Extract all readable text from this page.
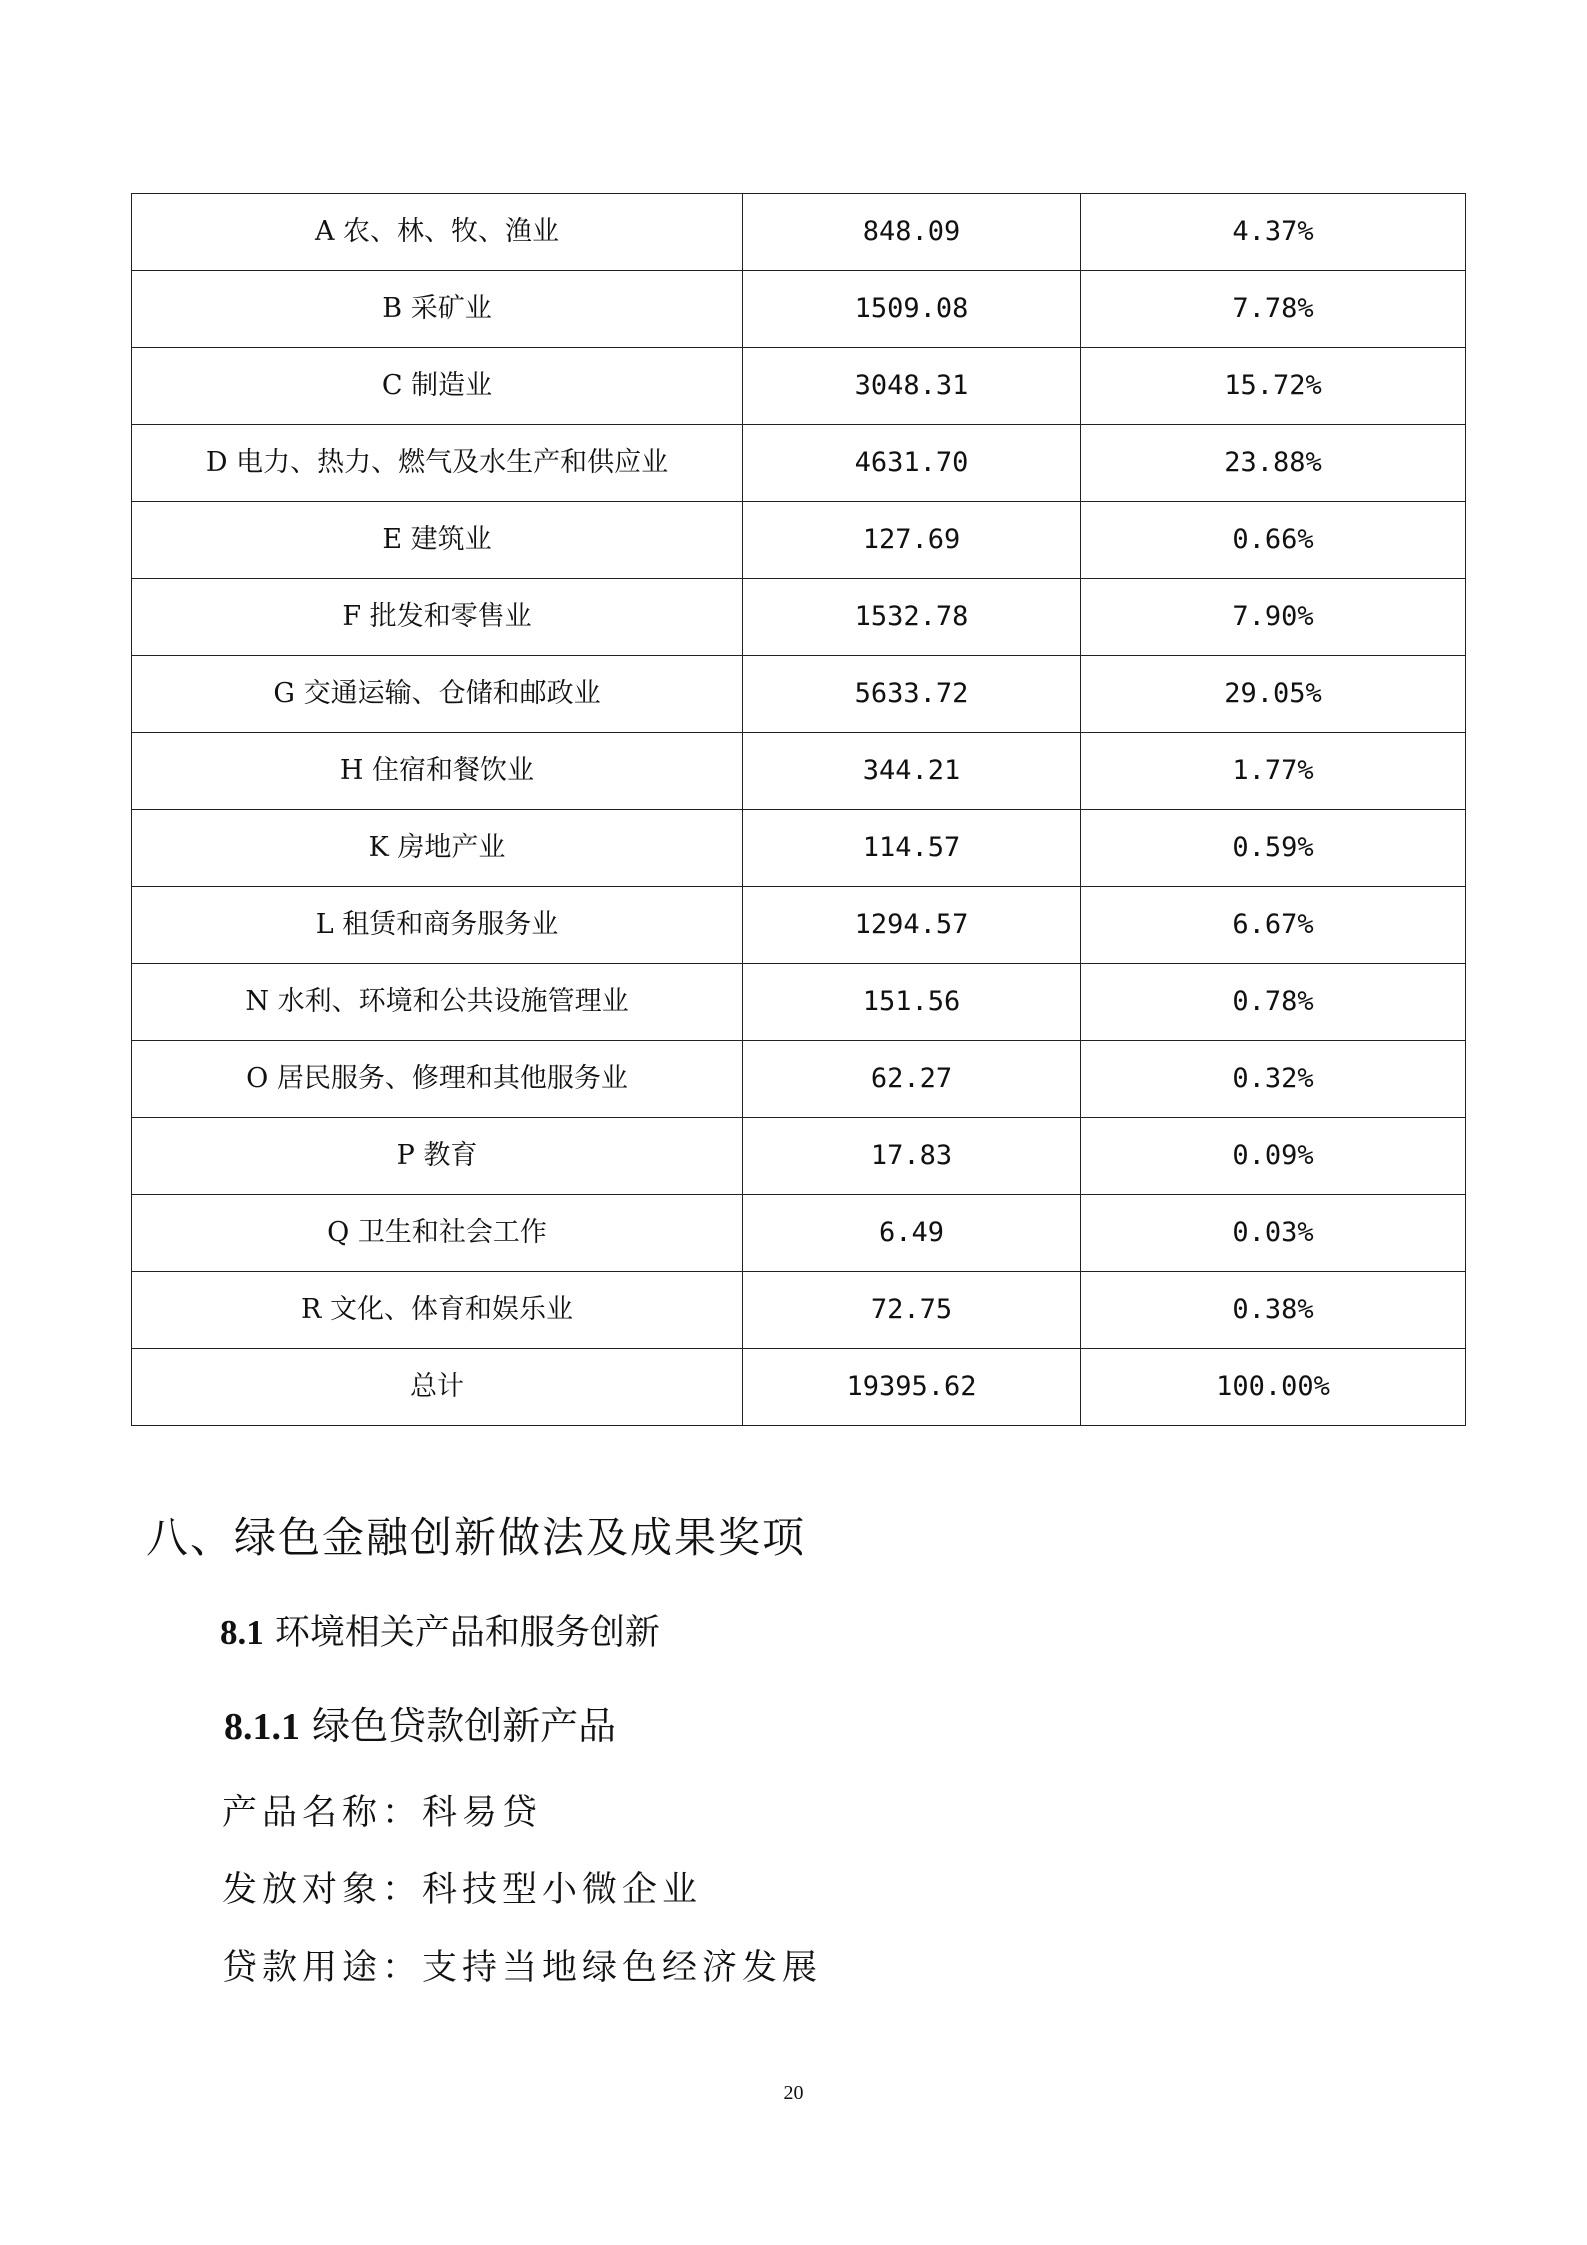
A 农、林、牧、渔业	848.09	4.37%
B 采矿业	1509.08	7.78%
C 制造业	3048.31	15.72%
D 电力、热力、燃气及水生产和供应业	4631.70	23.88%
E 建筑业	127.69	0.66%
F 批发和零售业	1532.78	7.90%
G 交通运输、仓储和邮政业	5633.72	29.05%
H 住宿和餐饮业	344.21	1.77%
K 房地产业	114.57	0.59%
L 租赁和商务服务业	1294.57	6.67%
N 水利、环境和公共设施管理业	151.56	0.78%
O 居民服务、修理和其他服务业	62.27	0.32%
P 教育	17.83	0.09%
Q 卫生和社会工作	6.49	0.03%
R 文化、体育和娱乐业	72.75	0.38%
总计	19395.62	100.00%
八、绿色金融创新做法及成果奖项
8.1 环境相关产品和服务创新
8.1.1 绿色贷款创新产品
产品名称：科易贷
发放对象：科技型小微企业
贷款用途：支持当地绿色经济发展
20
